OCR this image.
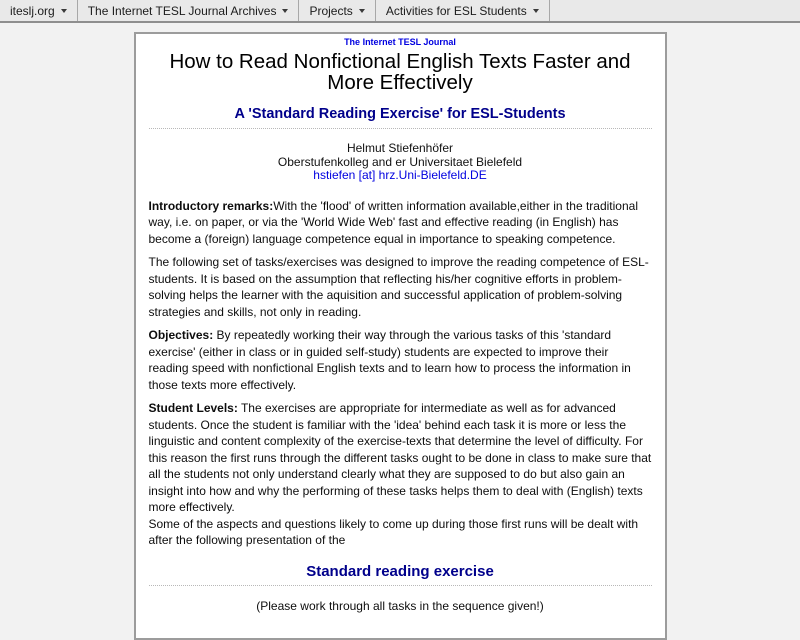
iteslj.org	The Internet TESL Journal Archives	Projects	Activities for ESL Students
The Internet TESL Journal
How to Read Nonfictional English Texts Faster and More Effectively
A 'Standard Reading Exercise' for ESL-Students
Helmut Stiefenhöfer
Oberstufenkolleg and er Universitaet Bielefeld
hstiefen [at] hrz.Uni-Bielefeld.DE

Introductory remarks:With the 'flood' of written information available,either in the traditional way, i.e. on paper, or via the 'World Wide Web' fast and effective reading (in English) has become a (foreign) language competence equal in importance to speaking competence.

The following set of tasks/exercises was designed to improve the reading competence of ESL-students. It is based on the assumption that reflecting his/her cognitive efforts in problem-solving helps the learner with the aquisition and successful application of problem-solving strategies and skills, not only in reading.

Objectives: By repeatedly working their way through the various tasks of this 'standard exercise' (either in class or in guided self-study) students are expected to improve their reading speed with nonfictional English texts and to learn how to process the information in those texts more effectively.

Student Levels: The exercises are appropriate for intermediate as well as for advanced students. Once the student is familiar with the 'idea' behind each task it is more or less the linguistic and content complexity of the exercise-texts that determine the level of difficulty. For this reason the first runs through the different tasks ought to be done in class to make sure that all the students not only understand clearly what they are supposed to do but also gain an insight into how and why the performing of these tasks helps them to deal with (English) texts more effectively.
Some of the aspects and questions likely to come up during those first runs will be dealt with after the following presentation of the

Standard reading exercise

(Please work through all tasks in the sequence given!)
